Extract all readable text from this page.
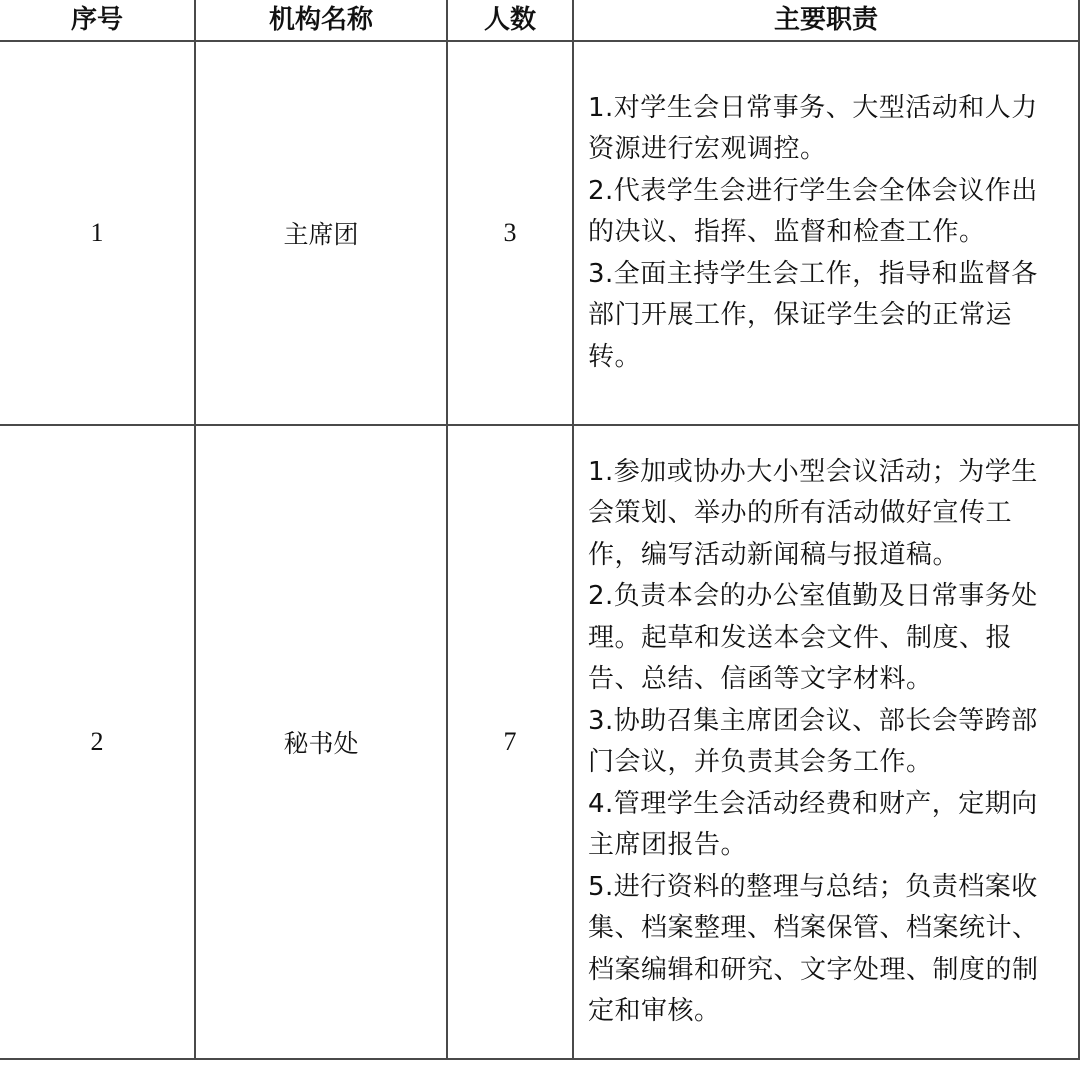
序号	机构名称	人数	主要职责
1	主席团	3	1.对学生会日常事务、大型活动和人力资源进行宏观调控。
2.代表学生会进行学生会全体会议作出的决议、指挥、监督和检查工作。
3.全面主持学生会工作，指导和监督各部门开展工作，保证学生会的正常运转。

2	秘书处	7	1.参加或协办大小型会议活动；为学生会策划、举办的所有活动做好宣传工作，编写活动新闻稿与报道稿。
2.负责本会的办公室值勤及日常事务处理。起草和发送本会文件、制度、报告、总结、信函等文字材料。
3.协助召集主席团会议、部长会等跨部门会议，并负责其会务工作。
4.管理学生会活动经费和财产，定期向主席团报告。
5.进行资料的整理与总结；负责档案收集、档案整理、档案保管、档案统计、档案编辑和研究、文字处理、制度的制定和审核。
